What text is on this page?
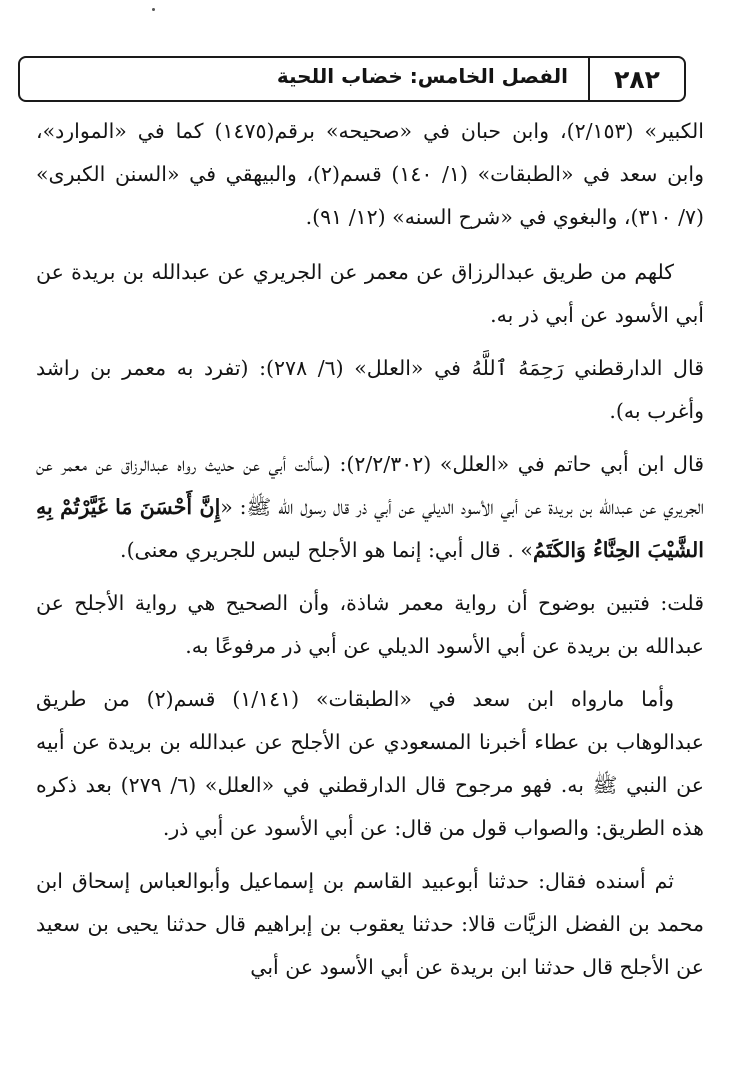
٢٨٢
الفصل الخامس: خضاب اللحية

الكبير» (٢/١٥٣)، وابن حبان في «صحيحه» برقم(١٤٧٥) كما في «الموارد»، وابن سعد في «الطبقات» (١/ ١٤٠) قسم(٢)، والبيهقي في «السنن الكبرى» (٧/ ٣١٠)، والبغوي في «شرح السنه» (١٢/ ٩١).

كلهم من طريق عبدالرزاق عن معمر عن الجريري عن عبدالله بن بريدة عن أبي الأسود عن أبي ذر به.

قال الدارقطني رَحِمَهُ ٱللَّهُ في «العلل» (٦/ ٢٧٨): (تفرد به معمر بن راشد وأغرب به).

قال ابن أبي حاتم في «العلل» (٢/٢/٣٠٢): (سألت أبي عن حديث رواه عبدالرزاق عن معمر عن الجريري عن عبدالله بن بريدة عن أبي الأسود الديلي عن أبي ذر قال رسول الله ﷺ: «إِنَّ أَحْسَنَ مَا غَيَّرْتُمْ بِهِ الشَّيْبَ الحِنَّاءُ وَالكَتَمُ» . قال أبي: إنما هو الأجلح ليس للجريري معنى).

قلت: فتبين بوضوح أن رواية معمر شاذة، وأن الصحيح هي رواية الأجلح عن عبدالله بن بريدة عن أبي الأسود الديلي عن أبي ذر مرفوعًا به.

وأما مارواه ابن سعد في «الطبقات» (١/١٤١) قسم(٢) من طريق عبدالوهاب بن عطاء أخبرنا المسعودي عن الأجلح عن عبدالله بن بريدة عن أبيه عن النبي ﷺ به. فهو مرجوح قال الدارقطني في «العلل» (٦/ ٢٧٩) بعد ذكره هذه الطريق: والصواب قول من قال: عن أبي الأسود عن أبي ذر.

ثم أسنده فقال: حدثنا أبوعبيد القاسم بن إسماعيل وأبوالعباس إسحاق ابن محمد بن الفضل الزيَّات قالا: حدثنا يعقوب بن إبراهيم قال حدثنا يحيى بن سعيد عن الأجلح قال حدثنا ابن بريدة عن أبي الأسود عن أبي
